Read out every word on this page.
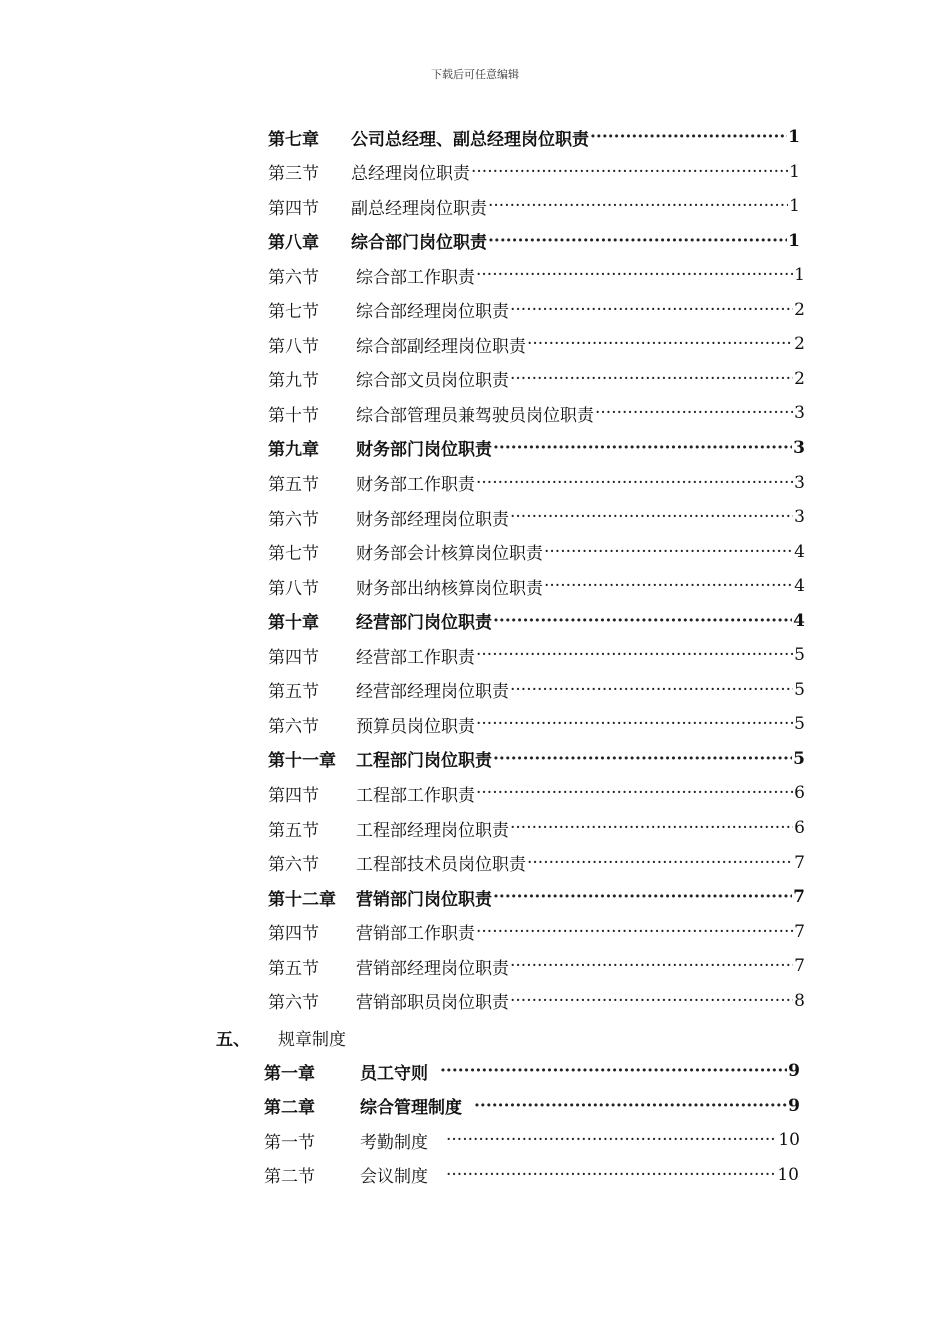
下载后可任意编辑
第七章	公司总经理、副总经理岗位职责 ·····	1
第三节	总经理岗位职责 ·····	1
第四节	副总经理岗位职责 ·····	1
第八章	综合部门岗位职责 ·····	1
第六节	综合部工作职责 ·····	1
第七节	综合部经理岗位职责 ·····	2
第八节	综合部副经理岗位职责 ·····	2
第九节	综合部文员岗位职责 ·····	2
第十节	综合部管理员兼驾驶员岗位职责 ·····	3
第九章	财务部门岗位职责 ·····	3
第五节	财务部工作职责 ·····	3
第六节	财务部经理岗位职责 ·····	3
第七节	财务部会计核算岗位职责 ·····	4
第八节	财务部出纳核算岗位职责 ·····	4
第十章	经营部门岗位职责 ·····	4
第四节	经营部工作职责 ·····	5
第五节	经营部经理岗位职责 ·····	5
第六节	预算员岗位职责 ·····	5
第十一章	工程部门岗位职责 ·····	5
第四节	工程部工作职责 ·····	6
第五节	工程部经理岗位职责 ·····	6
第六节	工程部技术员岗位职责 ·····	7
第十二章	营销部门岗位职责 ·····	7
第四节	营销部工作职责 ·····	7
第五节	营销部经理岗位职责 ·····	7
第六节	营销部职员岗位职责 ·····	8
五、	规章制度
第一章	员工守则 ·····	9
第二章	综合管理制度 ·····	9
第一节	考勤制度 ·····	10
第二节	会议制度 ·····	10
